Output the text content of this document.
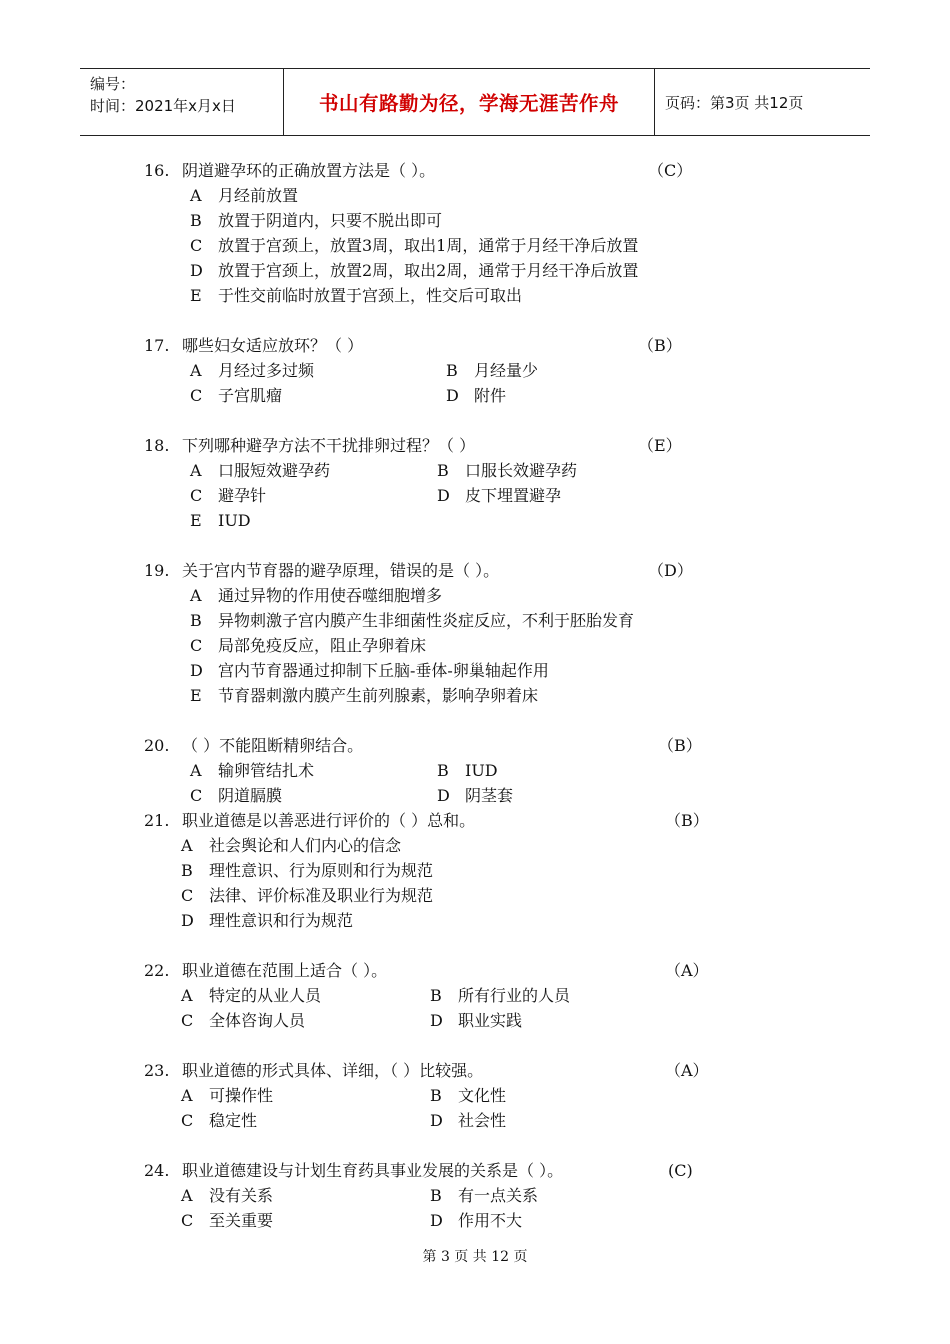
编号：
时间：2021年x月x日	书山有路勤为径，学海无涯苦作舟	页码：第3页 共12页
16. 阴道避孕环的正确放置方法是（ ）。	（C）
A 月经前放置
B 放置于阴道内，只要不脱出即可
C 放置于宫颈上，放置3周，取出1周，通常于月经干净后放置
D 放置于宫颈上，放置2周，取出2周，通常于月经干净后放置
E 于性交前临时放置于宫颈上，性交后可取出
17. 哪些妇女适应放环？（ ）	（B）
A 月经过多过频	B 月经量少
C 子宫肌瘤	D 附件
18. 下列哪种避孕方法不干扰排卵过程？（ ）	（E）
A 口服短效避孕药	B 口服长效避孕药
C 避孕针	D 皮下埋置避孕
E IUD
19. 关于宫内节育器的避孕原理，错误的是（ ）。	（D）
A 通过异物的作用使吞噬细胞增多
B 异物刺激子宫内膜产生非细菌性炎症反应，不利于胚胎发育
C 局部免疫反应，阻止孕卵着床
D 宫内节育器通过抑制下丘脑-垂体-卵巢轴起作用
E 节育器刺激内膜产生前列腺素，影响孕卵着床
20. （ ）不能阻断精卵结合。	（B）
A 输卵管结扎术	B IUD
C 阴道膈膜	D 阴茎套
21. 职业道德是以善恶进行评价的（ ）总和。	（B）
A 社会舆论和人们内心的信念
B 理性意识、行为原则和行为规范
C 法律、评价标准及职业行为规范
D 理性意识和行为规范
22. 职业道德在范围上适合（ ）。	（A）
A 特定的从业人员	B 所有行业的人员
C 全体咨询人员	D 职业实践
23. 职业道德的形式具体、详细，（ ）比较强。	（A）
A 可操作性	B 文化性
C 稳定性	D 社会性
24. 职业道德建设与计划生育药具事业发展的关系是（ ）。	(C)
A 没有关系	B 有一点关系
C 至关重要	D 作用不大
第 3 页 共 12 页
